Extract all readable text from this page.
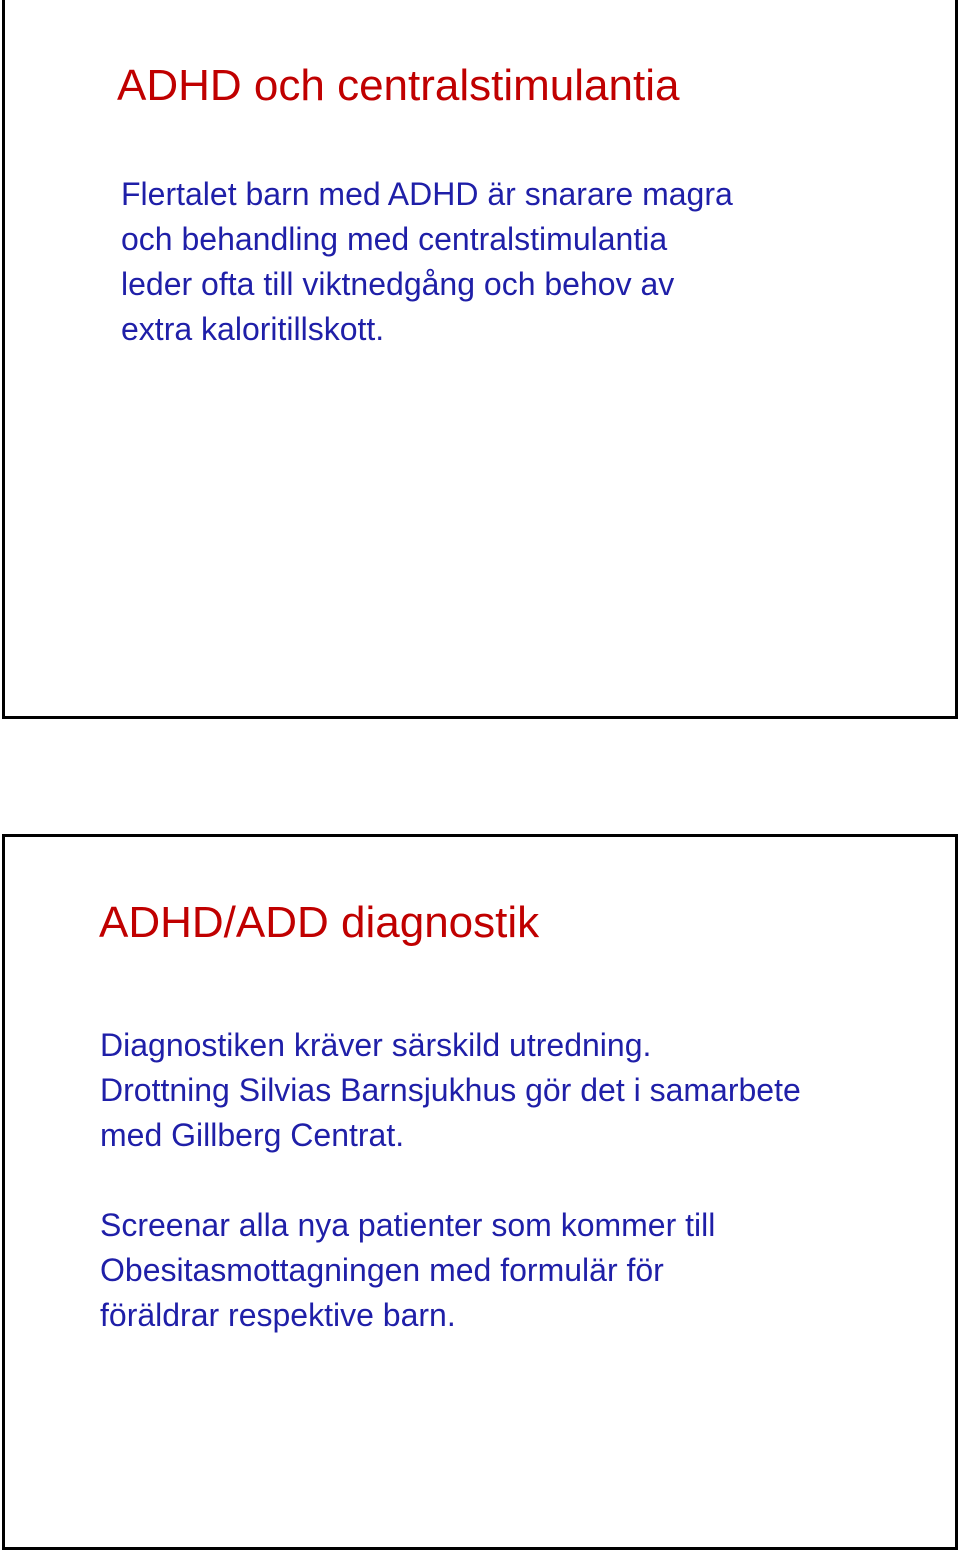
ADHD och centralstimulantia

Flertalet barn med ADHD är snarare magra
och behandling med centralstimulantia
leder ofta till viktnedgång och behov av
extra kaloritillskott.

ADHD/ADD diagnostik

Diagnostiken kräver särskild utredning.
Drottning Silvias Barnsjukhus gör det i samarbete
med Gillberg Centrat.

Screenar alla nya patienter som kommer till
Obesitasmottagningen med formulär för
föräldrar respektive barn.
